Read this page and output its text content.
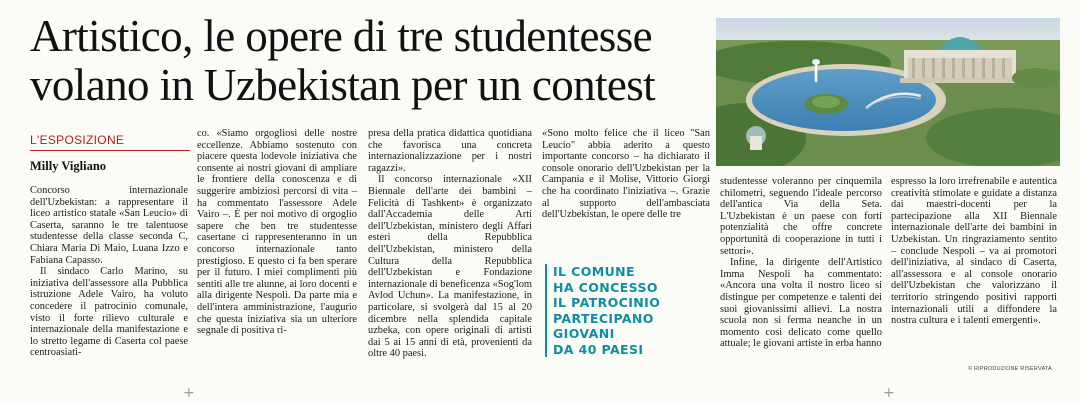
Artistico, le opere di tre studentesse
volano in Uzbekistan per un contest
L'ESPOSIZIONE
Milly Vigliano

Concorso internazionale dell'Uzbekistan: a rappresentare il liceo artistico statale «San Leucio» di Caserta, saranno le tre talentuose studentesse della classe seconda C, Chiara Maria Di Maio, Luana Izzo e Fabiana Capasso.

Il sindaco Carlo Marino, su iniziativa dell'assessore alla Pubblica istruzione Adele Vairo, ha voluto concedere il patrocinio comunale, visto il forte rilievo culturale e internazionale della manifestazione e lo stretto legame di Caserta col paese centroasiati-

co. «Siamo orgogliosi delle nostre eccellenze. Abbiamo sostenuto con piacere questa lodevole iniziativa che consente ai nostri giovani di ampliare le frontiere della conoscenza e di suggerire ambiziosi percorsi di vita – ha commentato l'assessore Adele Vairo –. È per noi motivo di orgoglio sapere che ben tre studentesse casertane ci rappresenteranno in un concorso internazionale tanto prestigioso. E questo ci fa ben sperare per il futuro. I miei complimenti più sentiti alle tre alunne, ai loro docenti e alla dirigente Nespoli. Da parte mia e dell'intera amministrazione, l'augurio che questa iniziativa sia un ulteriore segnale di positiva ri-

presa della pratica didattica quotidiana che favorisca una concreta internazionalizzazione per i nostri ragazzi».

Il concorso internazionale «XII Biennale dell'arte dei bambini – Felicità di Tashkent» è organizzato dall'Accademia delle Arti dell'Uzbekistan, ministero degli Affari esteri della Repubblica dell'Uzbekistan, ministero della Cultura della Repubblica dell'Uzbekistan e Fondazione internazionale di beneficenza «Sog'lom Avlod Uchun». La manifestazione, in particolare, si svolgerà dal 15 al 20 dicembre nella splendida capitale uzbeka, con opere originali di artisti dai 5 ai 15 anni di età, provenienti da oltre 40 paesi.

«Sono molto felice che il liceo "San Leucio" abbia aderito a questo importante concorso – ha dichiarato il console onorario dell'Uzbekistan per la Campania e il Molise, Vittorio Giorgi che ha coordinato l'iniziativa –. Grazie al supporto dell'ambasciata dell'Uzbekistan, le opere delle tre

IL COMUNE
HA CONCESSO
IL PATROCINIO
PARTECIPANO
GIOVANI
DA 40 PAESI

studentesse voleranno per cinquemila chilometri, seguendo l'ideale percorso dell'antica Via della Seta. L'Uzbekistan è un paese con forti potenzialità che offre concrete opportunità di cooperazione in tutti i settori».

Infine, la dirigente dell'Artistico Imma Nespoli ha commentato: «Ancora una volta il nostro liceo si distingue per competenze e talenti dei suoi giovanissimi allievi. La nostra scuola non si ferma neanche in un momento così delicato come quello attuale; le giovani artiste in erba hanno

espresso la loro irrefrenabile e autentica creatività stimolate e guidate a distanza dai maestri-docenti per la partecipazione alla XII Biennale internazionale dell'arte dei bambini in Uzbekistan. Un ringraziamento sentito – conclude Nespoli – va ai promotori dell'iniziativa, al sindaco di Caserta, all'assessora e al console onorario dell'Uzbekistan che valorizzano il territorio stringendo positivi rapporti internazionali utili a diffondere la nostra cultura e i talenti emergenti».

© RIPRODUZIONE RISERVATA
+	+
